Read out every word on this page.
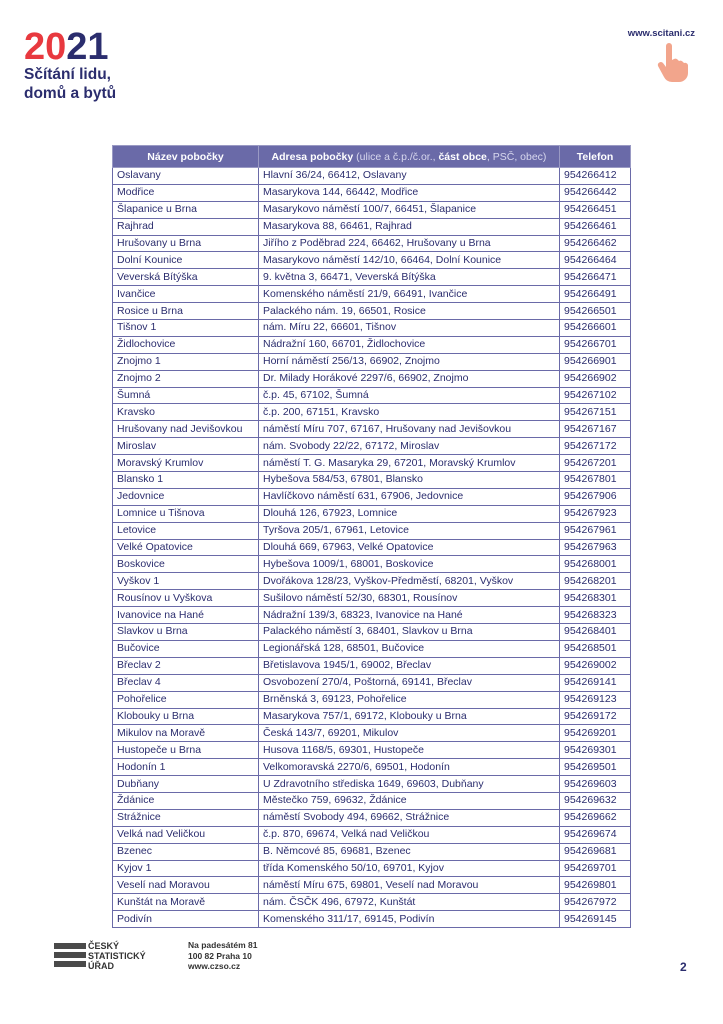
2 0 2 1
Sčítání lidu,
domů a bytů
www.scitani.cz
Název pobočky	Adresa pobočky (ulice a č.p./č.or., část obce, PSČ, obec)	Telefon
Oslavany	Hlavní 36/24, 66412, Oslavany	954266412
Modřice	Masarykova 144, 66442, Modřice	954266442
Šlapanice u Brna	Masarykovo náměstí 100/7, 66451, Šlapanice	954266451
Rajhrad	Masarykova 88, 66461, Rajhrad	954266461
Hrušovany u Brna	Jiřího z Poděbrad 224, 66462, Hrušovany u Brna	954266462
Dolní Kounice	Masarykovo náměstí 142/10, 66464, Dolní Kounice	954266464
Veverská Bítýška	9. května 3, 66471, Veverská Bítýška	954266471
Ivančice	Komenského náměstí 21/9, 66491, Ivančice	954266491
Rosice u Brna	Palackého nám. 19, 66501, Rosice	954266501
Tišnov 1	nám. Míru 22, 66601, Tišnov	954266601
Židlochovice	Nádražní 160, 66701, Židlochovice	954266701
Znojmo 1	Horní náměstí 256/13, 66902, Znojmo	954266901
Znojmo 2	Dr. Milady Horákové 2297/6, 66902, Znojmo	954266902
Šumná	č.p. 45, 67102, Šumná	954267102
Kravsko	č.p. 200, 67151, Kravsko	954267151
Hrušovany nad Jevišovkou	náměstí Míru 707, 67167, Hrušovany nad Jevišovkou	954267167
Miroslav	nám. Svobody 22/22, 67172, Miroslav	954267172
Moravský Krumlov	náměstí T. G. Masaryka 29, 67201, Moravský Krumlov	954267201
Blansko 1	Hybešova 584/53, 67801, Blansko	954267801
Jedovnice	Havlíčkovo náměstí 631, 67906, Jedovnice	954267906
Lomnice u Tišnova	Dlouhá 126, 67923, Lomnice	954267923
Letovice	Tyršova 205/1, 67961, Letovice	954267961
Velké Opatovice	Dlouhá 669, 67963, Velké Opatovice	954267963
Boskovice	Hybešova 1009/1, 68001, Boskovice	954268001
Vyškov 1	Dvořákova 128/23, Vyškov-Předměstí, 68201, Vyškov	954268201
Rousínov u Vyškova	Sušilovo náměstí 52/30, 68301, Rousínov	954268301
Ivanovice na Hané	Nádražní 139/3, 68323, Ivanovice na Hané	954268323
Slavkov u Brna	Palackého náměstí 3, 68401, Slavkov u Brna	954268401
Bučovice	Legionářská 128, 68501, Bučovice	954268501
Břeclav 2	Břetislavova 1945/1, 69002, Břeclav	954269002
Břeclav 4	Osvobození 270/4, Poštorná, 69141, Břeclav	954269141
Pohořelice	Brněnská 3, 69123, Pohořelice	954269123
Klobouky u Brna	Masarykova 757/1, 69172, Klobouky u Brna	954269172
Mikulov na Moravě	Česká 143/7, 69201, Mikulov	954269201
Hustopeče u Brna	Husova 1168/5, 69301, Hustopeče	954269301
Hodonín 1	Velkomoravská 2270/6, 69501, Hodonín	954269501
Dubňany	U Zdravotního střediska 1649, 69603, Dubňany	954269603
Ždánice	Městečko 759, 69632, Ždánice	954269632
Strážnice	náměstí Svobody 494, 69662, Strážnice	954269662
Velká nad Veličkou	č.p. 870, 69674, Velká nad Veličkou	954269674
Bzenec	B. Němcové 85, 69681, Bzenec	954269681
Kyjov 1	třída Komenského 50/10, 69701, Kyjov	954269701
Veselí nad Moravou	náměstí Míru 675, 69801, Veselí nad Moravou	954269801
Kunštát na Moravě	nám. ČSČK 496, 67972, Kunštát	954267972
Podivín	Komenského 311/17, 69145, Podivín	954269145
ČESKÝ
STATISTICKÝ
ÚŘAD
Na padesátém 81
100 82 Praha 10
www.czso.cz	2
